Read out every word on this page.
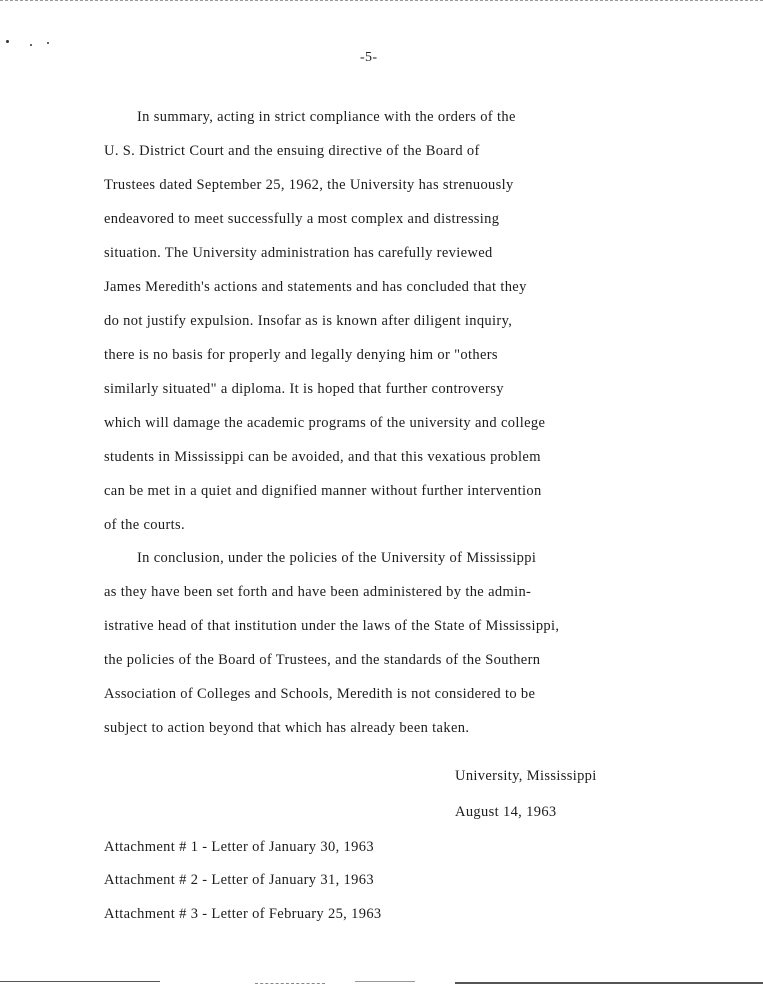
-5-
In summary, acting in strict compliance with the orders of the
U. S. District Court and the ensuing directive of the Board of
Trustees dated September 25, 1962, the University has strenuously
endeavored to meet successfully a most complex and distressing
situation. The University administration has carefully reviewed
James Meredith's actions and statements and has concluded that they
do not justify expulsion. Insofar as is known after diligent inquiry,
there is no basis for properly and legally denying him or "others
similarly situated" a diploma. It is hoped that further controversy
which will damage the academic programs of the university and college
students in Mississippi can be avoided, and that this vexatious problem
can be met in a quiet and dignified manner without further intervention
of the courts.
In conclusion, under the policies of the University of Mississippi
as they have been set forth and have been administered by the admin-
istrative head of that institution under the laws of the State of Mississippi,
the policies of the Board of Trustees, and the standards of the Southern
Association of Colleges and Schools, Meredith is not considered to be
subject to action beyond that which has already been taken.
University, Mississippi
August 14, 1963
Attachment # 1 - Letter of January 30, 1963
Attachment # 2 - Letter of January 31, 1963
Attachment # 3 - Letter of February 25, 1963
